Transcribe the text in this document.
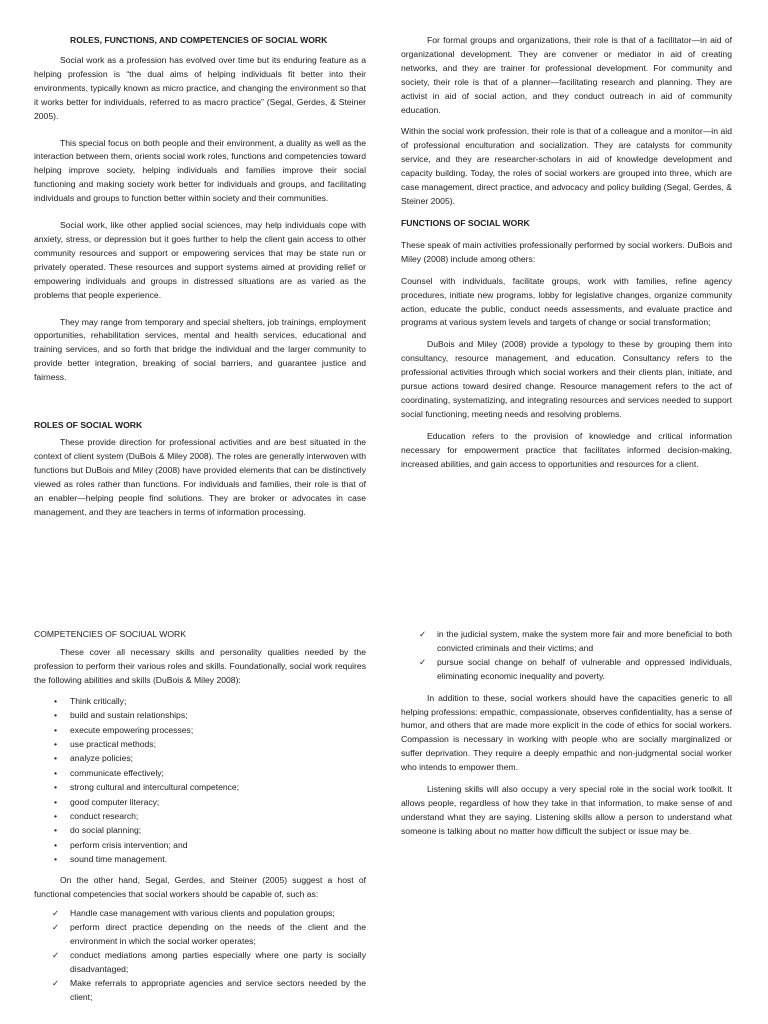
ROLES, FUNCTIONS, AND COMPETENCIES OF SOCIAL WORK

Social work as a profession has evolved over time but its enduring feature as a helping profession is “the dual aims of helping individuals fit better into their environments, typically known as micro practice, and changing the environment so that it works better for individuals, referred to as macro practice” (Segal, Gerdes, & Steiner 2005).

This special focus on both people and their environment, a duality as well as the interaction between them, orients social work roles, functions and competencies toward helping improve society, helping individuals and families improve their social functioning and making society work better for individuals and groups, and facilitating individuals and groups to function better within society and their communities.

Social work, like other applied social sciences, may help individuals cope with anxiety, stress, or depression but it goes further to help the client gain access to other community resources and support or empowering services that may be state run or privately operated. These resources and support systems aimed at providing relief or empowering individuals and groups in distressed situations are as varied as the problems that people experience.

They may range from temporary and special shelters, job trainings, employment opportunities, rehabilitation services, mental and health services, educational and training services, and so forth that bridge the individual and the larger community to provide better integration, breaking of social barriers, and guarantee justice and fairness.

ROLES OF SOCIAL WORK

These provide direction for professional activities and are best situated in the context of client system (DuBois & Miley 2008). The roles are generally interwoven with functions but DuBois and Miley (2008) have provided elements that can be distinctively viewed as roles rather than functions. For individuals and families, their role is that of an enabler—helping people find solutions. They are broker or advocates in case management, and they are teachers in terms of information processing.

For formal groups and organizations, their role is that of a facilitator—in aid of organizational development. They are convener or mediator in aid of creating networks, and they are trainer for professional development. For community and society, their role is that of a planner—facilitating research and planning. They are activist in aid of social action, and they conduct outreach in aid of community education.

Within the social work profession, their role is that of a colleague and a monitor—in aid of professional enculturation and socialization. They are catalysts for community service, and they are researcher-scholars in aid of knowledge development and capacity building. Today, the roles of social workers are grouped into three, which are case management, direct practice, and advocacy and policy building (Segal, Gerdes, & Steiner 2005).

FUNCTIONS OF SOCIAL WORK

These speak of main activities professionally performed by social workers. DuBois and Miley (2008) include among others:

Counsel with individuals, facilitate groups, work with families, refine agency procedures, initiate new programs, lobby for legislative changes, organize community action, educate the public, conduct needs assessments, and evaluate practice and programs at various system levels and targets of change or social transformation;

DuBois and Miley (2008) provide a typology to these by grouping them into consultancy, resource management, and education. Consultancy refers to the professional activities through which social workers and their clients plan, initiate, and pursue actions toward desired change. Resource management refers to the act of coordinating, systematizing, and integrating resources and services needed to support social functioning, meeting needs and resolving problems.

Education refers to the provision of knowledge and critical information necessary for empowerment practice that facilitates informed decision-making, increased abilities, and gain access to opportunities and resources for a client.

COMPETENCIES OF SOCIUAL WORK

These cover all necessary skills and personality qualities needed by the profession to perform their various roles and skills. Foundationally, social work requires the following abilities and skills (DuBois & Miley 2008):

• Think critically;
• build and sustain relationships;
• execute empowering processes;
• use practical methods;
• analyze policies;
• communicate effectively;
• strong cultural and intercultural competence;
• good computer literacy;
• conduct research;
• do social planning;
• perform crisis intervention; and
• sound time management.

On the other hand, Segal, Gerdes, and Steiner (2005) suggest a host of functional competencies that social workers should be capable of, such as:

✓ Handle case management with various clients and population groups;
✓ perform direct practice depending on the needs of the client and the environment in which the social worker operates;
✓ conduct mediations among parties especially where one party is socially disadvantaged;
✓ Make referrals to appropriate agencies and service sectors needed by the client;
✓ in the judicial system, make the system more fair and more beneficial to both convicted criminals and their victims; and
✓ pursue social change on behalf of vulnerable and oppressed individuals, eliminating economic inequality and poverty.

In addition to these, social workers should have the capacities generic to all helping professions: empathic, compassionate, observes confidentiality, has a sense of humor, and others that are made more explicit in the code of ethics for social workers. Compassion is necessary in working with people who are socially marginalized or suffer deprivation. They require a deeply empathic and non-judgmental social worker who intends to empower them.

Listening skills will also occupy a very special role in the social work toolkit. It allows people, regardless of how they take in that information, to make sense of and understand what they are saying. Listening skills allow a person to understand what someone is talking about no matter how difficult the subject or issue may be.
